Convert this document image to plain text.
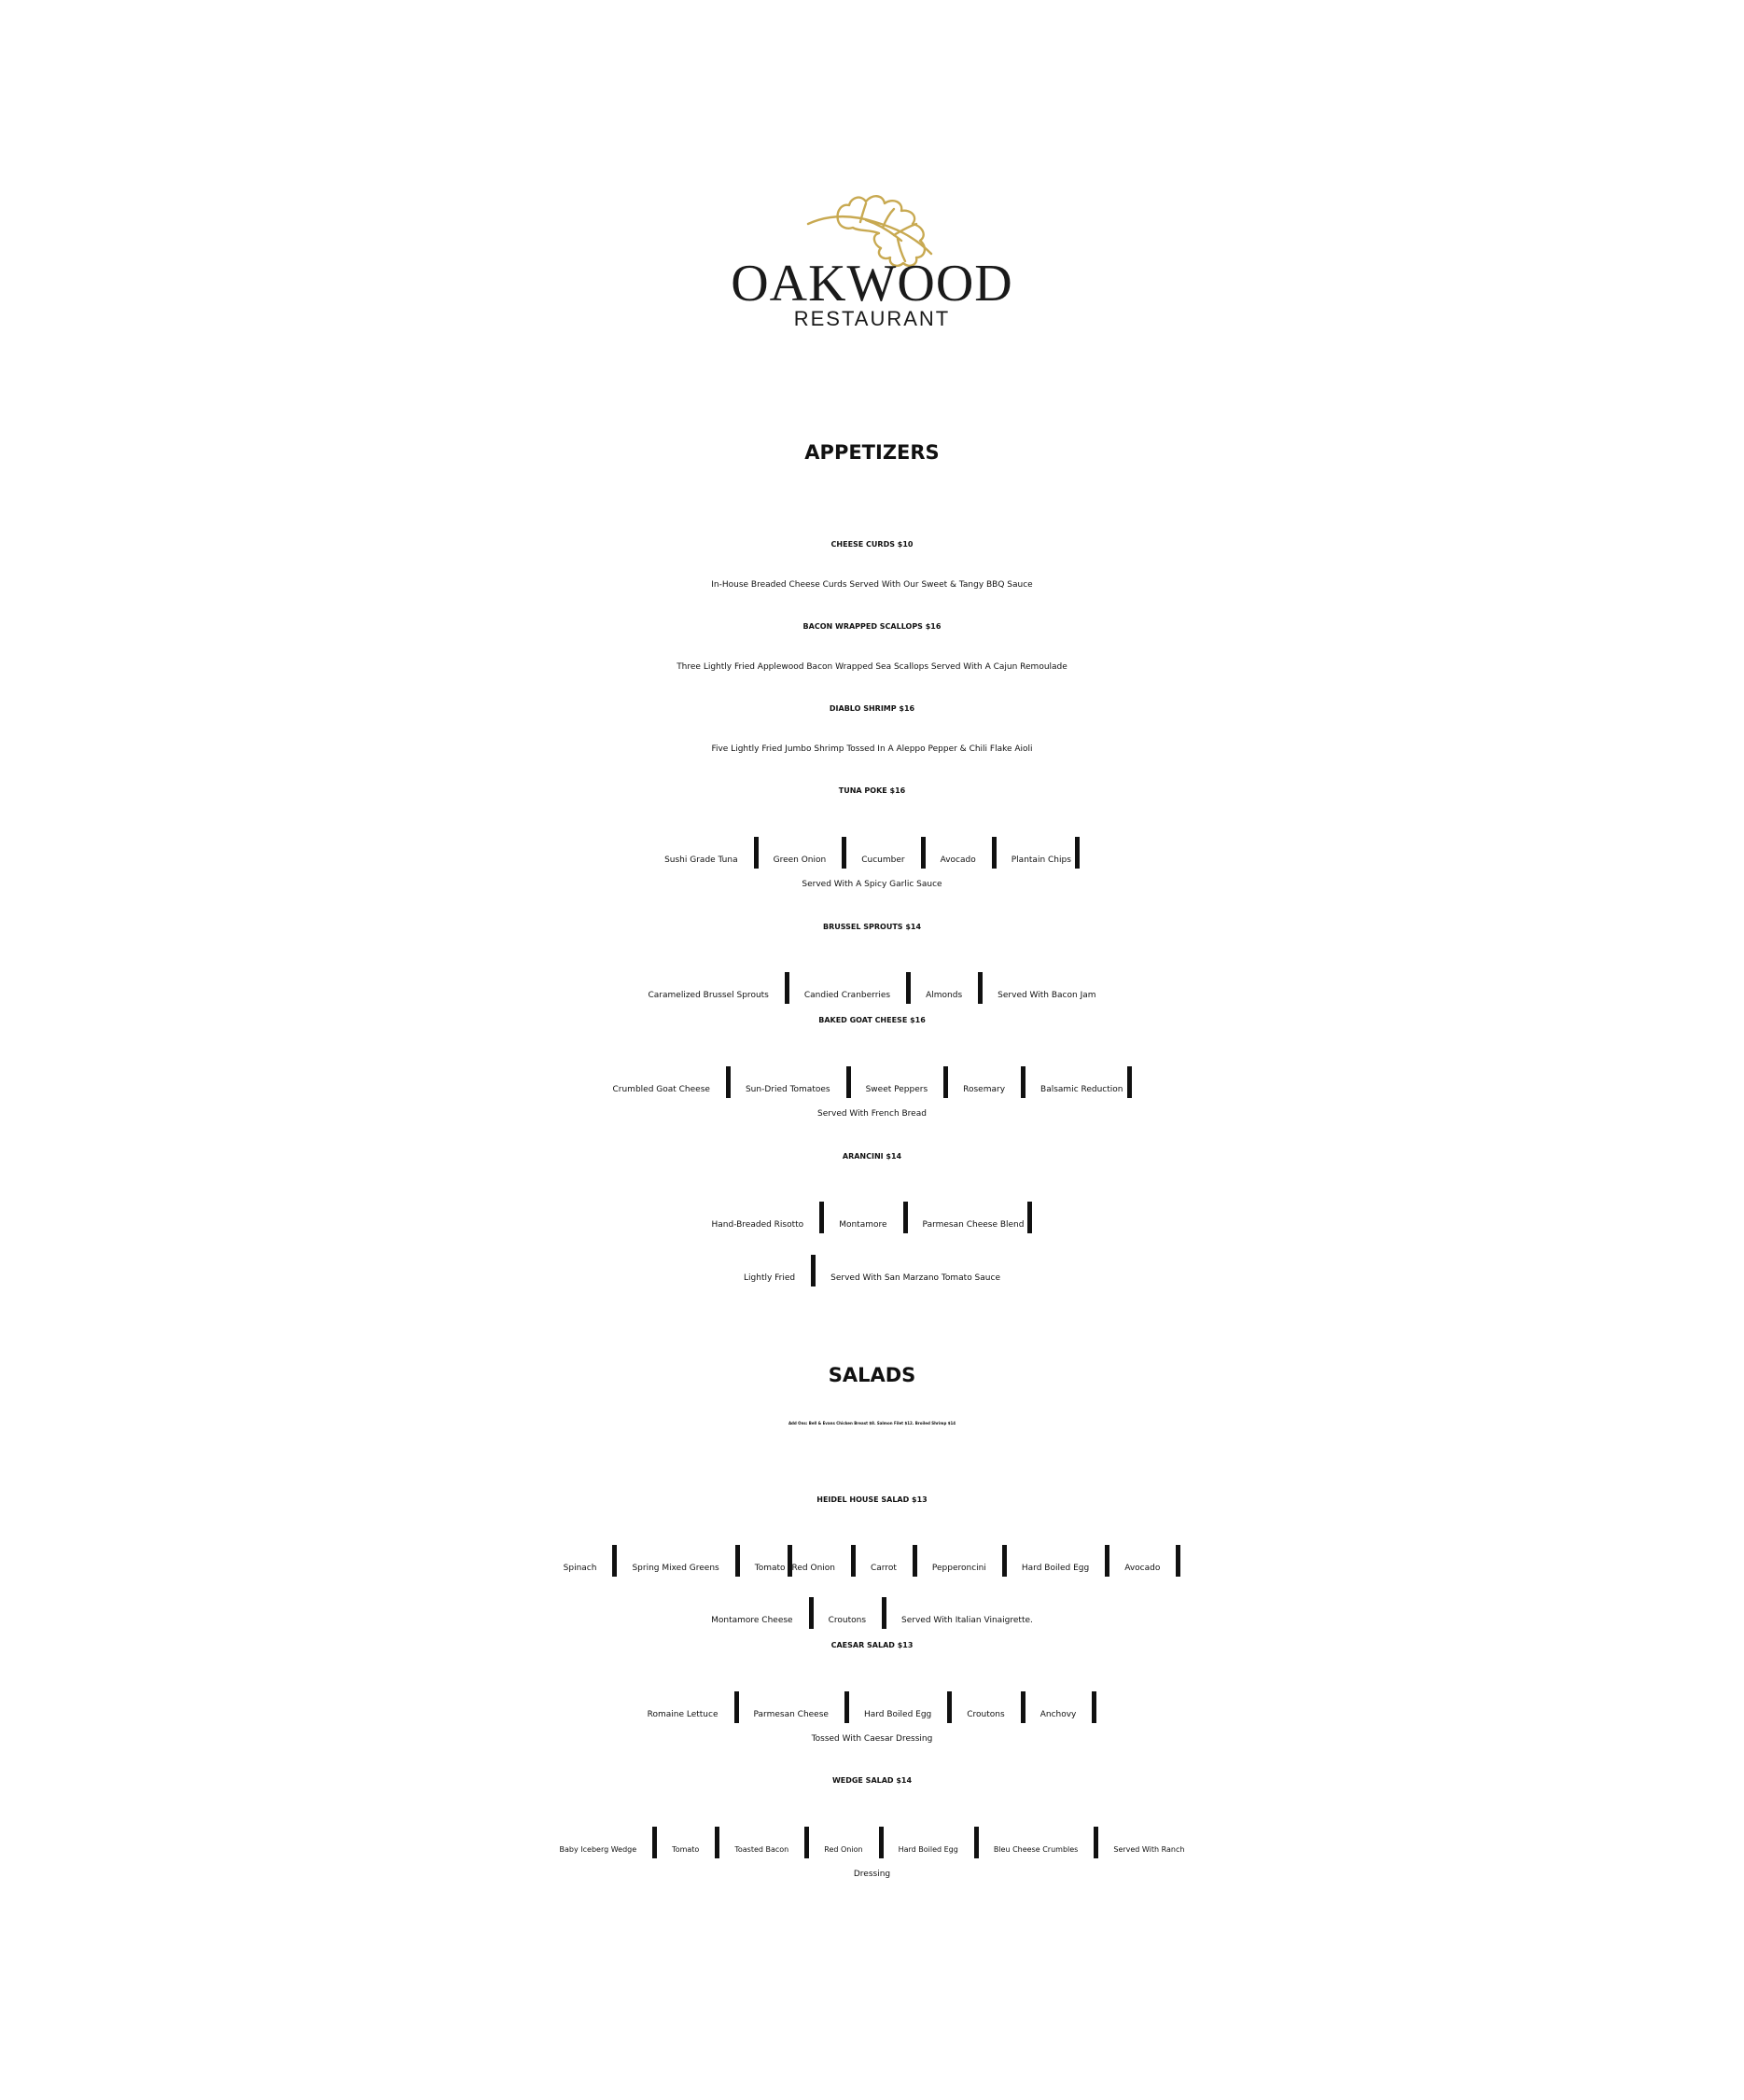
OAKWOOD
RESTAURANT
APPETIZERS
CHEESE CURDS $10
In-House Breaded Cheese Curds Served With Our Sweet & Tangy BBQ Sauce
BACON WRAPPED SCALLOPS $16
Three Lightly Fried Applewood Bacon Wrapped Sea Scallops Served With A Cajun Remoulade
DIABLO SHRIMP $16
Five Lightly Fried Jumbo Shrimp Tossed In A Aleppo Pepper & Chili Flake Aioli
TUNA POKE $16
Sushi Grade Tuna	Green Onion	Cucumber	Avocado	Plantain Chips
Served With A Spicy Garlic Sauce
BRUSSEL SPROUTS $14
Caramelized Brussel Sprouts	Candied Cranberries	Almonds	Served With Bacon Jam
BAKED GOAT CHEESE $16
Crumbled Goat Cheese	Sun-Dried Tomatoes	Sweet Peppers	Rosemary	Balsamic Reduction
Served With French Bread
ARANCINI $14
Hand-Breaded Risotto	Montamore	Parmesan Cheese Blend
Lightly Fried	Served With San Marzano Tomato Sauce
SALADS
Add Ons: Bell & Evans Chicken Breast $8. Salmon Filet $12. Broiled Shrimp $14
HEIDEL HOUSE SALAD $13
Spinach	Spring Mixed Greens	Tomato Red Onion	Carrot	Pepperoncini	Hard Boiled Egg	Avocado
Montamore Cheese	Croutons	Served With Italian Vinaigrette.
CAESAR SALAD $13
Romaine Lettuce	Parmesan Cheese	Hard Boiled Egg	Croutons	Anchovy
Tossed With Caesar Dressing
WEDGE SALAD $14
Baby Iceberg Wedge	Tomato	Toasted Bacon	Red Onion	Hard Boiled Egg	Bleu Cheese Crumbles	Served With Ranch
Dressing
